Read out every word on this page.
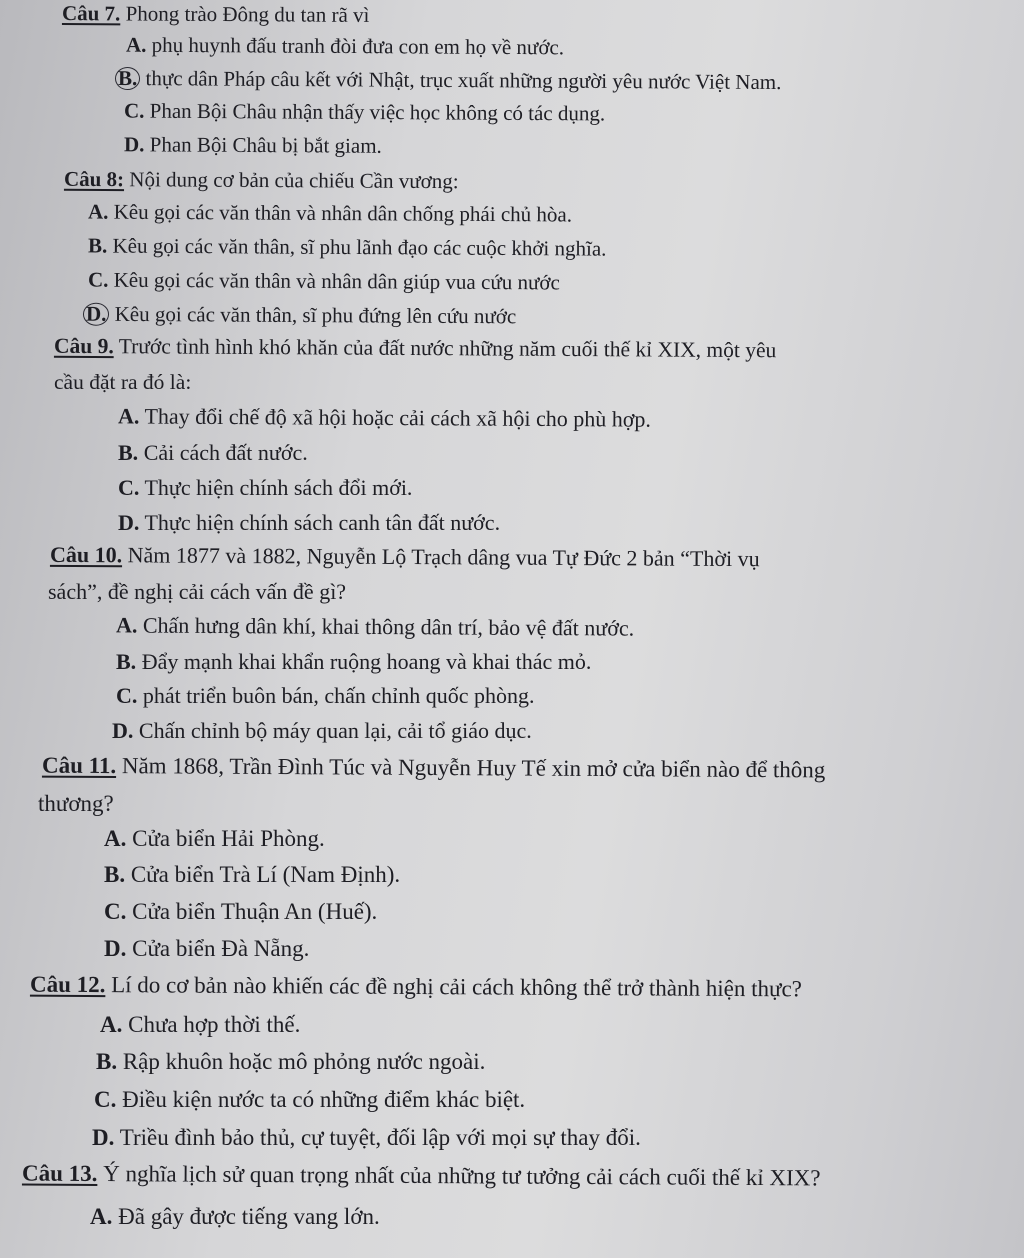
Câu 7. Phong trào Đông du tan rã vì
A. phụ huynh đấu tranh đòi đưa con em họ về nước.
B. thực dân Pháp câu kết với Nhật, trục xuất những người yêu nước Việt Nam.
C. Phan Bội Châu nhận thấy việc học không có tác dụng.
D. Phan Bội Châu bị bắt giam.
Câu 8: Nội dung cơ bản của chiếu Cần vương:
A. Kêu gọi các văn thân và nhân dân chống phái chủ hòa.
B. Kêu gọi các văn thân, sĩ phu lãnh đạo các cuộc khởi nghĩa.
C. Kêu gọi các văn thân và nhân dân giúp vua cứu nước
D. Kêu gọi các văn thân, sĩ phu đứng lên cứu nước
Câu 9. Trước tình hình khó khăn của đất nước những năm cuối thế kỉ XIX, một yêu
cầu đặt ra đó là:
A. Thay đổi chế độ xã hội hoặc cải cách xã hội cho phù hợp.
B. Cải cách đất nước.
C. Thực hiện chính sách đổi mới.
D. Thực hiện chính sách canh tân đất nước.
Câu 10. Năm 1877 và 1882, Nguyễn Lộ Trạch dâng vua Tự Đức 2 bản “Thời vụ
sách”, đề nghị cải cách vấn đề gì?
A. Chấn hưng dân khí, khai thông dân trí, bảo vệ đất nước.
B. Đẩy mạnh khai khẩn ruộng hoang và khai thác mỏ.
C. phát triển buôn bán, chấn chỉnh quốc phòng.
D. Chấn chỉnh bộ máy quan lại, cải tổ giáo dục.
Câu 11. Năm 1868, Trần Đình Túc và Nguyễn Huy Tế xin mở cửa biển nào để thông
thương?
A. Cửa biển Hải Phòng.
B. Cửa biển Trà Lí (Nam Định).
C. Cửa biển Thuận An (Huế).
D. Cửa biển Đà Nẵng.
Câu 12. Lí do cơ bản nào khiến các đề nghị cải cách không thể trở thành hiện thực?
A. Chưa hợp thời thế.
B. Rập khuôn hoặc mô phỏng nước ngoài.
C. Điều kiện nước ta có những điểm khác biệt.
D. Triều đình bảo thủ, cự tuyệt, đối lập với mọi sự thay đổi.
Câu 13. Ý nghĩa lịch sử quan trọng nhất của những tư tưởng cải cách cuối thế kỉ XIX?
A. Đã gây được tiếng vang lớn.
